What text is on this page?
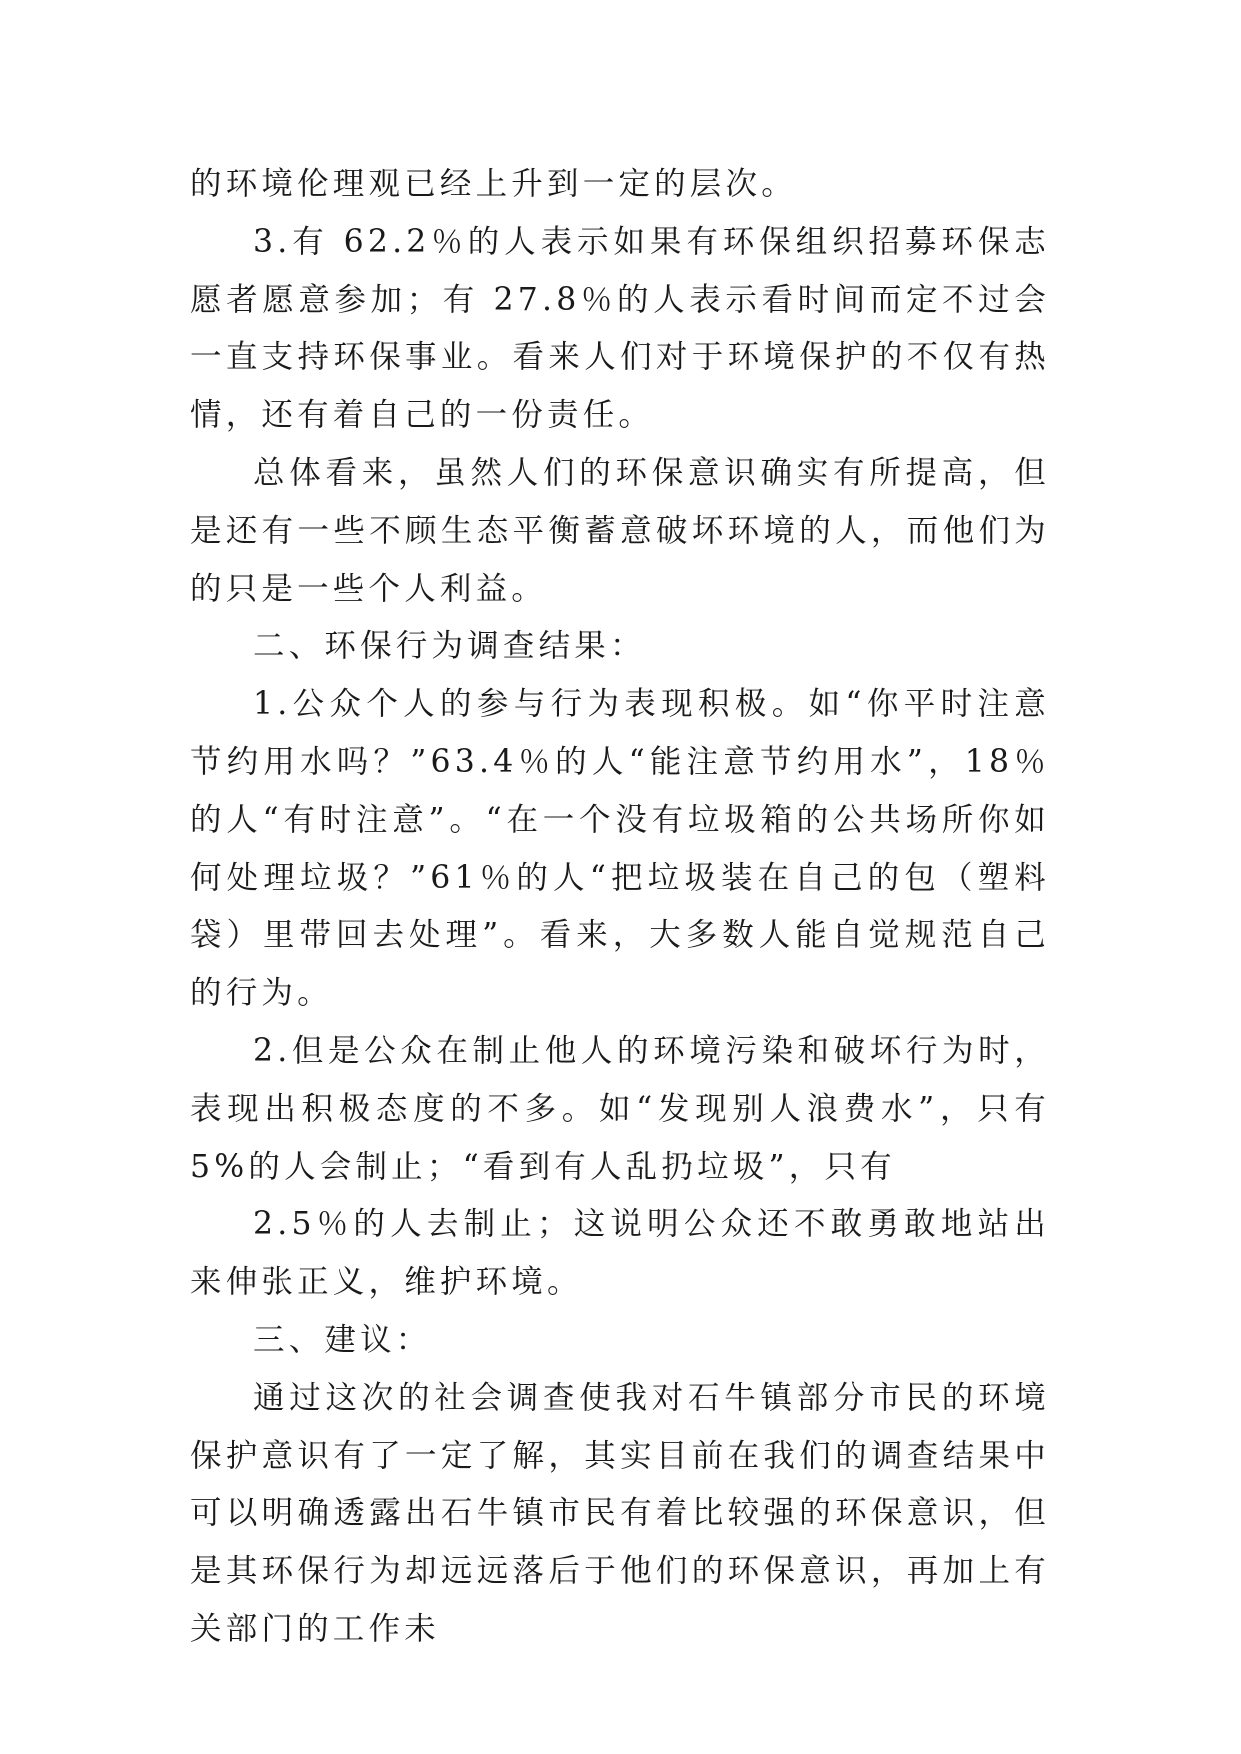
的环境伦理观已经上升到一定的层次。

3.有 62.2％的人表示如果有环保组织招募环保志愿者愿意参加；有 27.8％的人表示看时间而定不过会一直支持环保事业。看来人们对于环境保护的不仅有热情，还有着自己的一份责任。

总体看来，虽然人们的环保意识确实有所提高，但是还有一些不顾生态平衡蓄意破坏环境的人，而他们为的只是一些个人利益。

二、环保行为调查结果：

1.公众个人的参与行为表现积极。如“你平时注意节约用水吗？”63.4％的人“能注意节约用水”，18％的人“有时注意”。“在一个没有垃圾箱的公共场所你如何处理垃圾？”61％的人“把垃圾装在自己的包（塑料袋）里带回去处理”。看来，大多数人能自觉规范自己的行为。

2.但是公众在制止他人的环境污染和破坏行为时，表现出积极态度的不多。如“发现别人浪费水”，只有 5%的人会制止；“看到有人乱扔垃圾”，只有

2.5％的人去制止；这说明公众还不敢勇敢地站出来伸张正义，维护环境。

三、建议：

通过这次的社会调查使我对石牛镇部分市民的环境保护意识有了一定了解，其实目前在我们的调查结果中可以明确透露出石牛镇市民有着比较强的环保意识，但是其环保行为却远远落后于他们的环保意识，再加上有关部门的工作未
